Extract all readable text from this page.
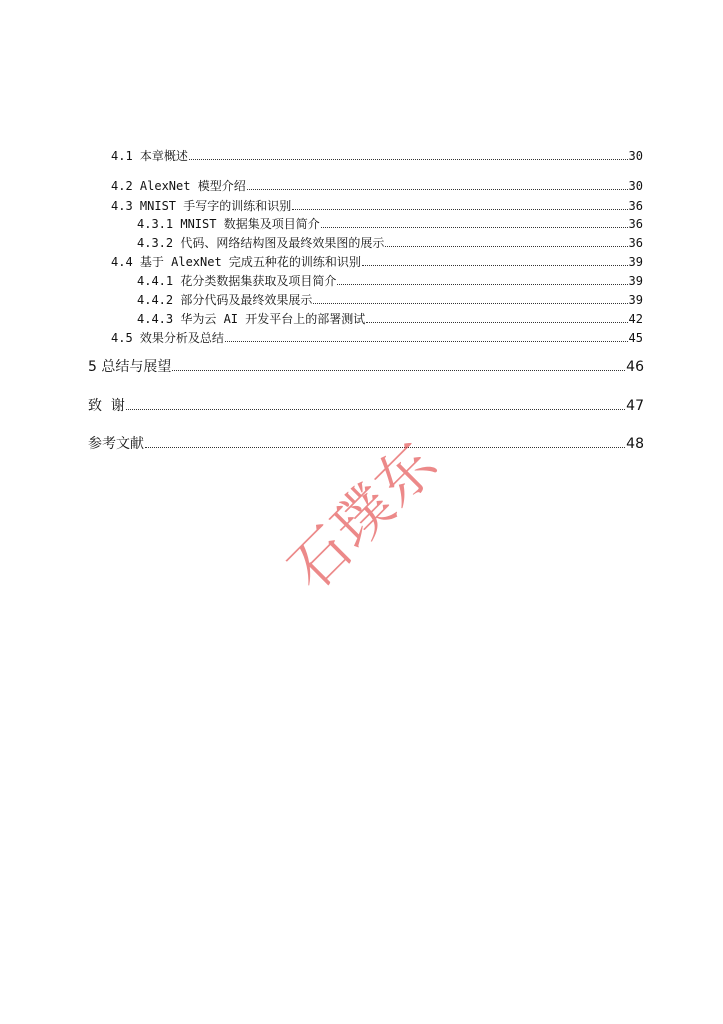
4.1 本章概述	30
4.2 AlexNet 模型介绍	30
4.3 MNIST 手写字的训练和识别	36
4.3.1 MNIST 数据集及项目简介	36
4.3.2 代码、网络结构图及最终效果图的展示	36
4.4 基于 AlexNet 完成五种花的训练和识别	39
4.4.1 花分类数据集获取及项目简介	39
4.4.2 部分代码及最终效果展示	39
4.4.3 华为云 AI 开发平台上的部署测试	42
4.5 效果分析及总结	45
5 总结与展望	46
致  谢	47
参考文献	48
石璞东
